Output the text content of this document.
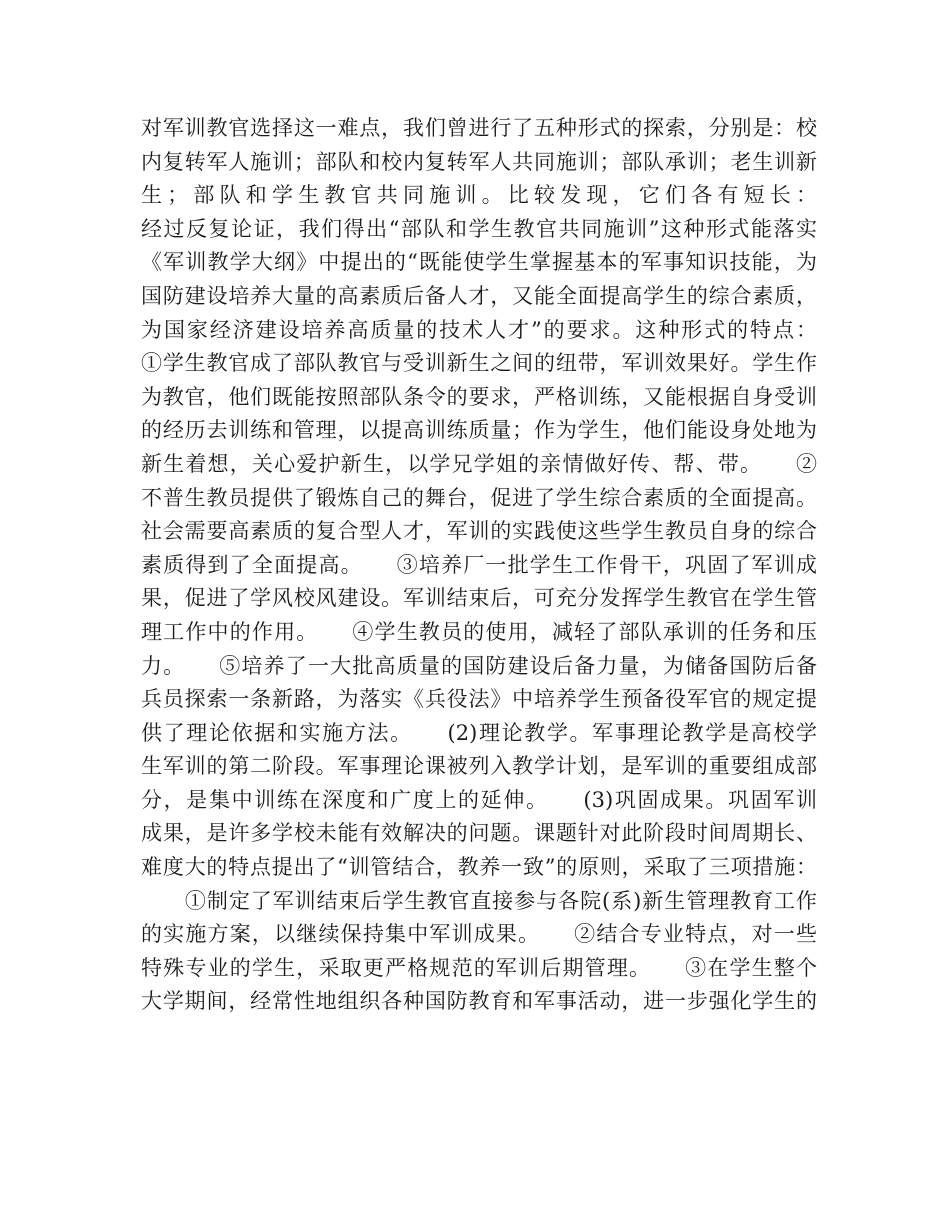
对军训教官选择这一难点，我们曾进行了五种形式的探索，分别是：校
内复转军人施训；部队和校内复转军人共同施训；部队承训；老生训新
生；部队和学生教官共同施训。比较发现，它们各有短长：
经过反复论证，我们得出“部队和学生教官共同施训”这种形式能落实
《军训教学大纲》中提出的“既能使学生掌握基本的军事知识技能，为
国防建设培养大量的高素质后备人才，又能全面提高学生的综合素质，
为国家经济建设培养高质量的技术人才”的要求。这种形式的特点：
①学生教官成了部队教官与受训新生之间的纽带，军训效果好。学生作
为教官，他们既能按照部队条令的要求，严格训练，又能根据自身受训
的经历去训练和管理，以提高训练质量；作为学生，他们能设身处地为
新生着想，关心爱护新生，以学兄学姐的亲情做好传、帮、带。　　②
不普生教员提供了锻炼自己的舞台，促进了学生综合素质的全面提高。
社会需要高素质的复合型人才，军训的实践使这些学生教员自身的综合
素质得到了全面提高。　　③培养厂一批学生工作骨干，巩固了军训成
果，促进了学风校风建设。军训结束后，可充分发挥学生教官在学生管
理工作中的作用。　　④学生教员的使用，减轻了部队承训的任务和压
力。　　⑤培养了一大批高质量的国防建设后备力量，为储备国防后备
兵员探索一条新路，为落实《兵役法》中培养学生预备役军官的规定提
供了理论依据和实施方法。　　(2)理论教学。军事理论教学是高校学
生军训的第二阶段。军事理论课被列入教学计划，是军训的重要组成部
分，是集中训练在深度和广度上的延伸。　　(3)巩固成果。巩固军训
成果，是许多学校未能有效解决的问题。课题针对此阶段时间周期长、
难度大的特点提出了“训管结合，教养一致”的原则，采取了三项措施：
　　①制定了军训结束后学生教官直接参与各院(系)新生管理教育工作
的实施方案，以继续保持集中军训成果。　　②结合专业特点，对一些
特殊专业的学生，采取更严格规范的军训后期管理。　　③在学生整个
大学期间，经常性地组织各种国防教育和军事活动，进一步强化学生的
